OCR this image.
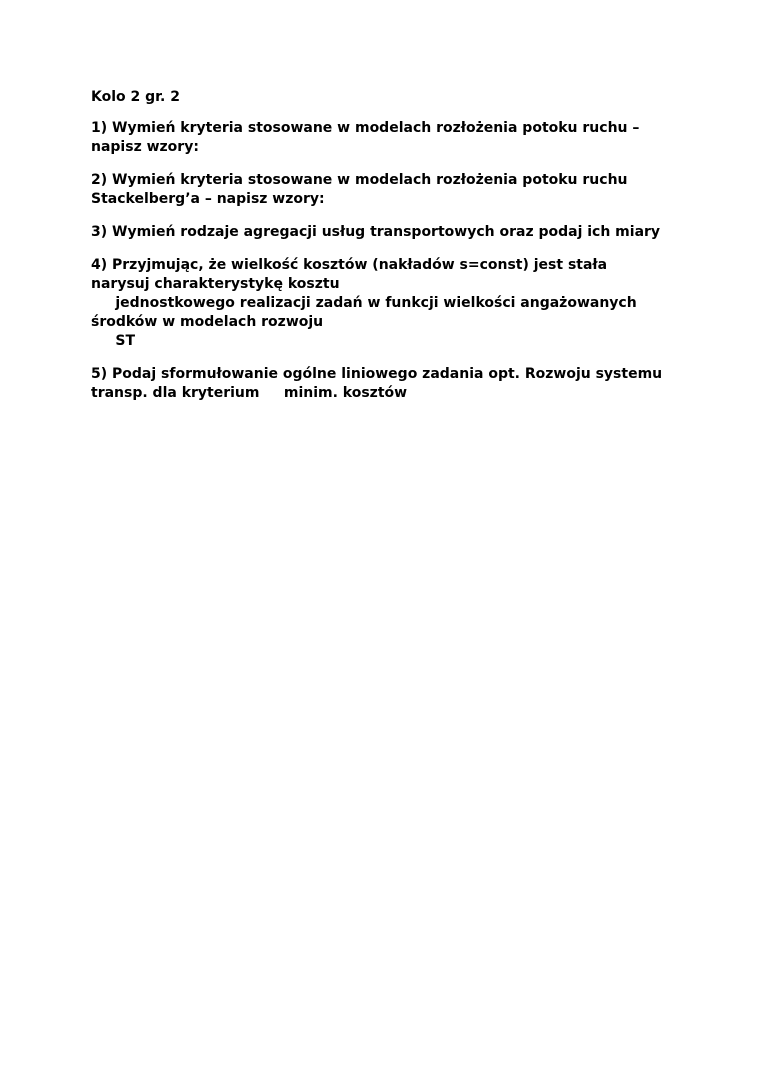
Kolo 2 gr. 2
1) Wymień kryteria stosowane w modelach rozłożenia potoku ruchu –
napisz wzory:
2) Wymień kryteria stosowane w modelach rozłożenia potoku ruchu
Stackelberg’a – napisz wzory:
3) Wymień rodzaje agregacji usług transportowych oraz podaj ich miary
4) Przyjmując, że wielkość kosztów (nakładów s=const) jest stała
narysuj charakterystykę kosztu
jednostkowego realizacji zadań w funkcji wielkości angażowanych
środków w modelach rozwoju
ST
5) Podaj sformułowanie ogólne liniowego zadania opt. Rozwoju systemu
transp. dla kryterium     minim. kosztów
